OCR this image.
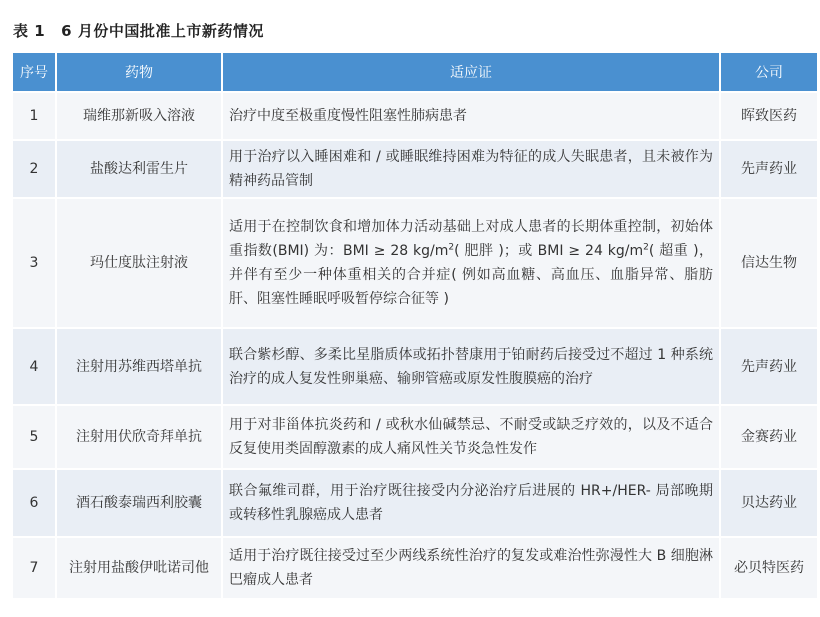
表 1 6 月份中国批准上市新药情况
序号	药物	适应证	公司
1	瑞维那新吸入溶液	治疗中度至极重度慢性阻塞性肺病患者	晖致医药
2	盐酸达利雷生片	用于治疗以入睡困难和 / 或睡眠维持困难为特征的成人失眠患者，且未被作为精神药品管制	先声药业
3	玛仕度肽注射液	适用于在控制饮食和增加体力活动基础上对成人患者的长期体重控制，初始体重指数(BMI) 为：BMI ≥ 28 $kg/m^2$( 肥胖 )；或 BMI ≥ 24 $kg/m^2$( 超重 )，并伴有至少一种体重相关的合并症( 例如高血糖、高血压、血脂异常、脂肪肝、阻塞性睡眠呼吸暂停综合征等 )	信达生物
4	注射用苏维西塔单抗	联合紫杉醇、多柔比星脂质体或拓扑替康用于铂耐药后接受过不超过 1 种系统治疗的成人复发性卵巢癌、输卵管癌或原发性腹膜癌的治疗	先声药业
5	注射用伏欣奇拜单抗	用于对非甾体抗炎药和 / 或秋水仙碱禁忌、不耐受或缺乏疗效的，以及不适合反复使用类固醇激素的成人痛风性关节炎急性发作	金赛药业
6	酒石酸泰瑞西利胶囊	联合氟维司群，用于治疗既往接受内分泌治疗后进展的 HR+/HER- 局部晚期或转移性乳腺癌成人患者	贝达药业
7	注射用盐酸伊吡诺司他	适用于治疗既往接受过至少两线系统性治疗的复发或难治性弥漫性大 B 细胞淋巴瘤成人患者	必贝特医药
